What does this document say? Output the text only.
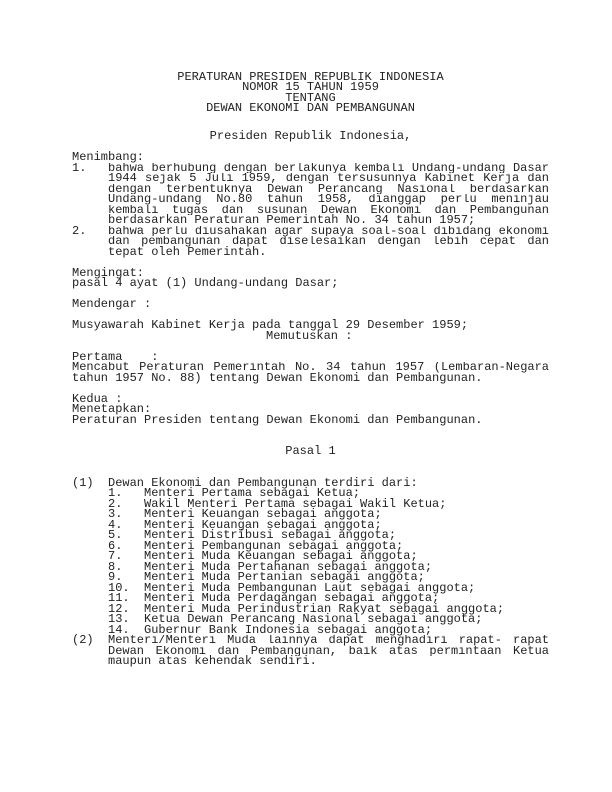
PERATURAN PRESIDEN REPUBLIK INDONESIA
NOMOR 15 TAHUN 1959
TENTANG
DEWAN EKONOMI DAN PEMBANGUNAN
Presiden Republik Indonesia,
Menimbang:
1.	bahwa berhubung dengan berlakunya kembali Undang-undang Dasar
1944 sejak 5 Juli 1959, dengan tersusunnya Kabinet Kerja dan
dengan terbentuknya Dewan Perancang Nasional berdasarkan
Undang-undang No.80 tahun 1958, dianggap perlu meninjau
kembali tugas dan susunan Dewan Ekonomi dan Pembangunan
berdasarkan Peraturan Pemerintah No. 34 tahun 1957;
2.	bahwa perlu diusahakan agar supaya soal-soal dibidang ekonomi
dan pembangunan dapat diselesaikan dengan lebih cepat dan
tepat oleh Pemerintah.
Mengingat:
pasal 4 ayat (1) Undang-undang Dasar;
Mendengar :
Musyawarah Kabinet Kerja pada tanggal 29 Desember 1959;
Memutuskan :
Pertama    :
Mencabut Peraturan Pemerintah No. 34 tahun 1957 (Lembaran-Negara
tahun 1957 No. 88) tentang Dewan Ekonomi dan Pembangunan.
Kedua :
Menetapkan:
Peraturan Presiden tentang Dewan Ekonomi dan Pembangunan.
Pasal 1
(1)	Dewan Ekonomi dan Pembangunan terdiri dari:
1.	Menteri Pertama sebagai Ketua;
2.	Wakil Menteri Pertama sebagai Wakil Ketua;
3.	Menteri Keuangan sebagai anggota;
4.	Menteri Keuangan sebagai anggota;
5.	Menteri Distribusi sebagai anggota;
6.	Menteri Pembangunan sebagai anggota;
7.	Menteri Muda Keuangan sebagai anggota;
8.	Menteri Muda Pertahanan sebagai anggota;
9.	Menteri Muda Pertanian sebagai anggota;
10.	Menteri Muda Pembangunan Laut sebagai anggota;
11.	Menteri Muda Perdagangan sebagai anggota;
12.	Menteri Muda Perindustrian Rakyat sebagai anggota;
13.	Ketua Dewan Perancang Nasional sebagai anggota;
14.	Gubernur Bank Indonesia sebagai anggota;
(2)	Menteri/Menteri Muda lainnya dapat menghadiri rapat- rapat
Dewan Ekonomi dan Pembangunan, baik atas permintaan Ketua
maupun atas kehendak sendiri.
